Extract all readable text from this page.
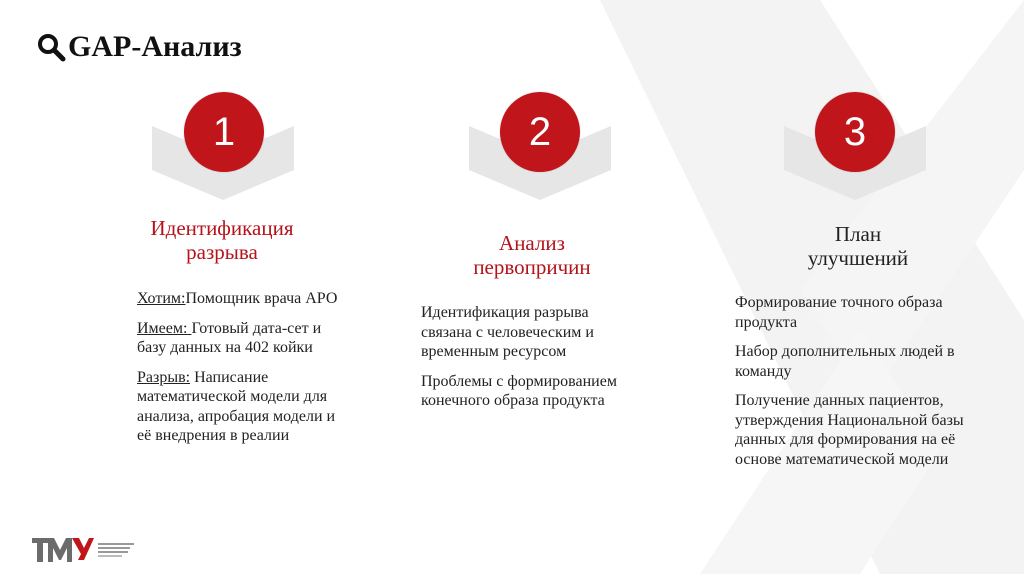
GAP-Анализ
1	2	3
Идентификация
разрыва	Анализ
первопричин
План
улучшений

Хотим:Помощник врача АРО

Имеем: Готовый дата-сет и базу данных на 402 койки

Разрыв: Написание математической модели для анализа, апробация модели и её внедрения в реалии

Идентификация разрыва связана с человеческим и временным ресурсом

Проблемы с формированием конечного образа продукта

Формирование точного образа продукта

Набор дополнительных людей в команду

Получение данных пациентов, утверждения Национальной базы данных для формирования на её основе математической модели
